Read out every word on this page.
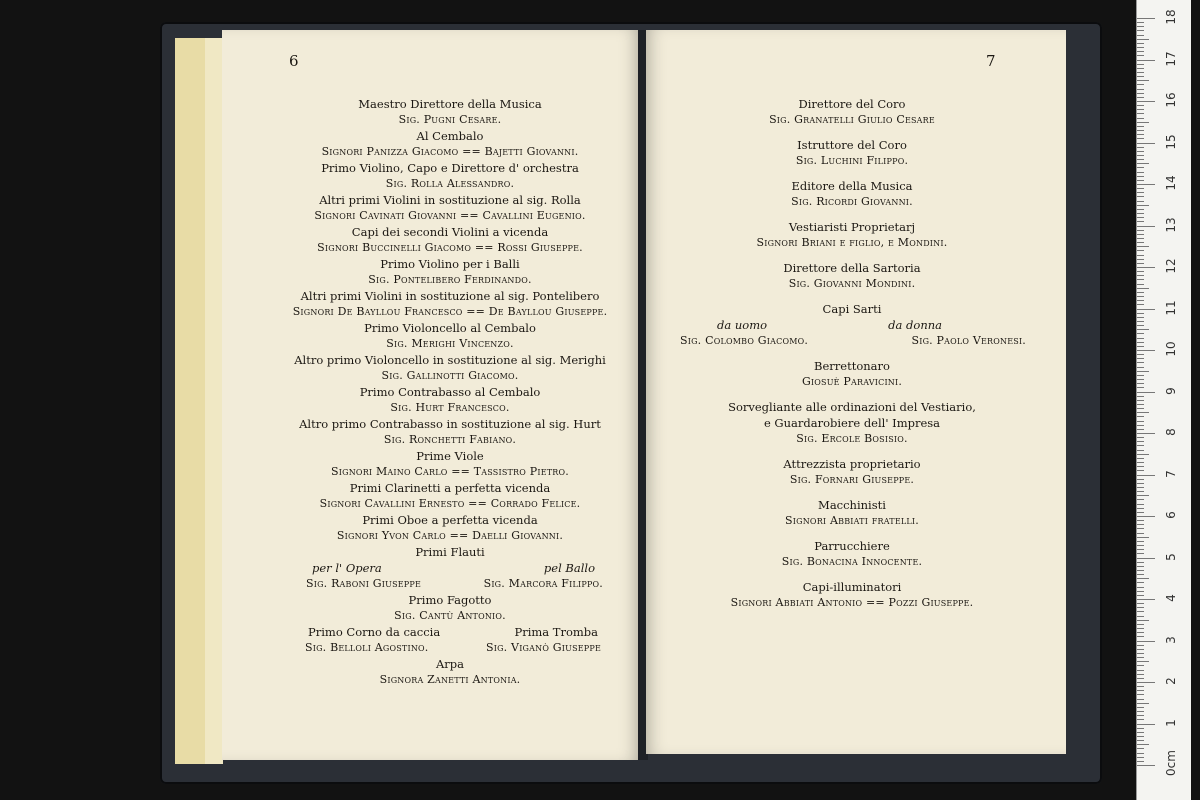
6	7
Maestro Direttore della Musica
Sig. Pugni Cesare.
Al Cembalo
Signori Panizza Giacomo == Bajetti Giovanni.
Primo Violino, Capo e Direttore d' orchestra
Sig. Rolla Alessandro.
Altri primi Violini in sostituzione al sig. Rolla
Signori Cavinati Giovanni == Cavallini Eugenio.
Capi dei secondi Violini a vicenda
Signori Buccinelli Giacomo == Rossi Giuseppe.
Primo Violino per i Balli
Sig. Pontelibero Ferdinando.
Altri primi Violini in sostituzione al sig. Pontelibero
Signori De Bayllou Francesco == De Bayllou Giuseppe.
Primo Violoncello al Cembalo
Sig. Merighi Vincenzo.
Altro primo Violoncello in sostituzione al sig. Merighi
Sig. Gallinotti Giacomo.
Primo Contrabasso al Cembalo
Sig. Hurt Francesco.
Altro primo Contrabasso in sostituzione al sig. Hurt
Sig. Ronchetti Fabiano.
Prime Viole
Signori Maino Carlo == Tassistro Pietro.
Primi Clarinetti a perfetta vicenda
Signori Cavallini Ernesto == Corrado Felice.
Primi Oboe a perfetta vicenda
Signori Yvon Carlo == Daelli Giovanni.
Primi Flauti
per l' Opera	pel Ballo
Sig. Raboni Giuseppe	Sig. Marcora Filippo.
Primo Fagotto
Sig. Cantù Antonio.
Primo Corno da caccia	Prima Tromba
Sig. Belloli Agostino.	Sig. Viganò Giuseppe
Arpa
Signora Zanetti Antonia.
Direttore del Coro
Sig. Granatelli Giulio Cesare
Istruttore del Coro
Sig. Luchini Filippo.
Editore della Musica
Sig. Ricordi Giovanni.
Vestiaristi Proprietarj
Signori Briani e figlio, e Mondini.
Direttore della Sartoria
Sig. Giovanni Mondini.
Capi Sarti
da uomo	da donna
Sig. Colombo Giacomo.	Sig. Paolo Veronesi.
Berrettonaro
Giosuè Paravicini.
Sorvegliante alle ordinazioni del Vestiario,
e Guardarobiere dell' Impresa
Sig. Ercole Bosisio.
Attrezzista proprietario
Sig. Fornari Giuseppe.
Macchinisti
Signori Abbiati fratelli.
Parrucchiere
Sig. Bonacina Innocente.
Capi-illuminatori
Signori Abbiati Antonio == Pozzi Giuseppe.
18
17
16
15
14
13
12
11
10
9
8
7
6
5
4
3
2
1
0cm
